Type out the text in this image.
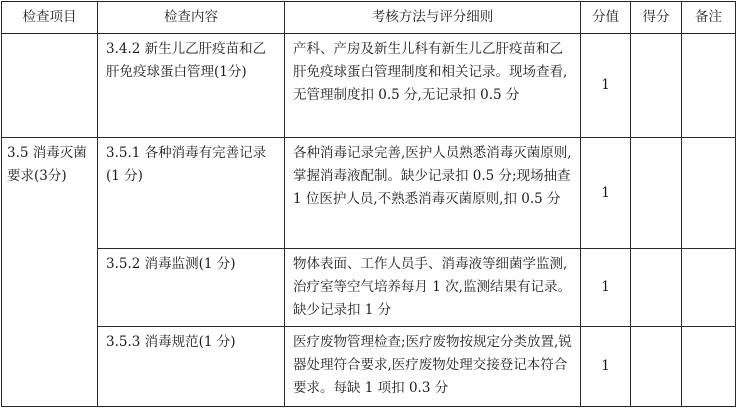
检查项目	检查内容	考核方法与评分细则	分值	得分	备注
	3.4.2 新生儿乙肝疫苗和乙肝免疫球蛋白管理(1分)	产科、产房及新生儿科有新生儿乙肝疫苗和乙肝免疫球蛋白管理制度和相关记录。现场查看,无管理制度扣 0.5 分,无记录扣 0.5 分	1		
3.5 消毒灭菌要求(3分)	3.5.1 各种消毒有完善记录(1 分)	各种消毒记录完善,医护人员熟悉消毒灭菌原则,掌握消毒液配制。缺少记录扣 0.5 分;现场抽查 1 位医护人员,不熟悉消毒灭菌原则,扣 0.5 分	1		
	3.5.2 消毒监测(1 分)	物体表面、工作人员手、消毒液等细菌学监测,治疗室等空气培养每月 1 次,监测结果有记录。缺少记录扣 1 分	1		
	3.5.3 消毒规范(1 分)	医疗废物管理检查;医疗废物按规定分类放置,锐器处理符合要求,医疗废物处理交接登记本符合要求。每缺 1 项扣 0.3 分	1		
